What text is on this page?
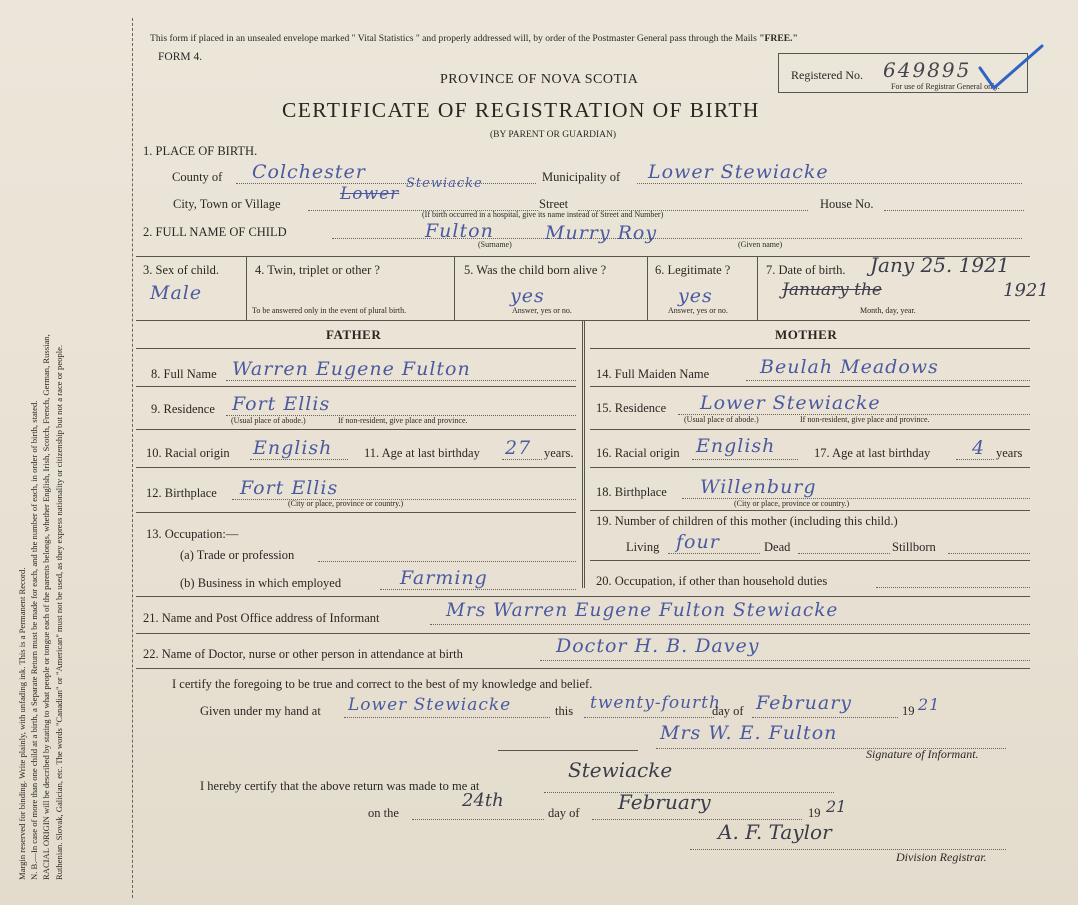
Margin reserved for binding. Write plainly, with unfading ink. This is a Permanent Record. N. B.—In case of more than one child at a birth, a Separate Return must be made for each, and the number of each, in order of birth, stated. RACIAL ORIGIN will be described by stating to what people or tongue each of the parents belongs, whether English, Irish, Scotch, French, German, Russian, Ruthenian. Slovak, Galician, etc. The words "Canadian" or "American" must not be used, as they express nationality or citizenship but not a race or people.
This form if placed in an unsealed envelope marked " Vital Statistics " and properly addressed will, by order of the Postmaster General pass through the Mails "FREE."
FORM 4.
PROVINCE OF NOVA SCOTIA
CERTIFICATE OF REGISTRATION OF BIRTH
(BY PARENT OR GUARDIAN)
Registered No. 649895
For use of Registrar General only.
1. PLACE OF BIRTH.
County of Colchester	Municipality of Lower Stewiacke
City, Town or Village	Lower
Stewiacke
Street	House No.
(If birth occurred in a hospital, give its name instead of Street and Number)
2. FULL NAME OF CHILD	Fulton	Murry Roy
(Surname)	(Given name)
3. Sex of child.
Male
4. Twin, triplet or other ?
To be answered only in the event of plural birth.
5. Was the child born alive ?
yes
Answer, yes or no.
6. Legitimate ?
yes
Answer, yes or no.
7. Date of birth. Jany 25. 1921
January the	1921
Month, day, year.
FATHER	MOTHER
8. Full Name Warren Eugene Fulton
9. Residence Fort Ellis
(Usual place of abode.)	If non-resident, give place and province.
10. Racial origin English	11. Age at last birthday 27 years.
12. Birthplace Fort Ellis
(City or place, province or country.)
13. Occupation:—
(a) Trade or profession
(b) Business in which employed	Farming
14. Full Maiden Name	Beulah Meadows
15. Residence Lower Stewiacke
(Usual place of abode.)	If non-resident, give place and province.
16. Racial origin English	17. Age at last birthday 4 years
18. Birthplace Willenburg
(City or place, province or country.)
19. Number of children of this mother (including this child.)
Living four	Dead	Stillborn
20. Occupation, if other than household duties
21. Name and Post Office address of Informant	Mrs Warren Eugene Fulton Stewiacke
22. Name of Doctor, nurse or other person in attendance at birth	Doctor H. B. Davey
I certify the foregoing to be true and correct to the best of my knowledge and belief.
Given under my hand at Lower Stewiacke	this twenty-fourth
day of February	19 21
Mrs W. E. Fulton
Signature of Informant.
I hereby certify that the above return was made to me at
Stewiacke
on the
24th
day of February	19 21
A. F. Taylor
Division Registrar.
